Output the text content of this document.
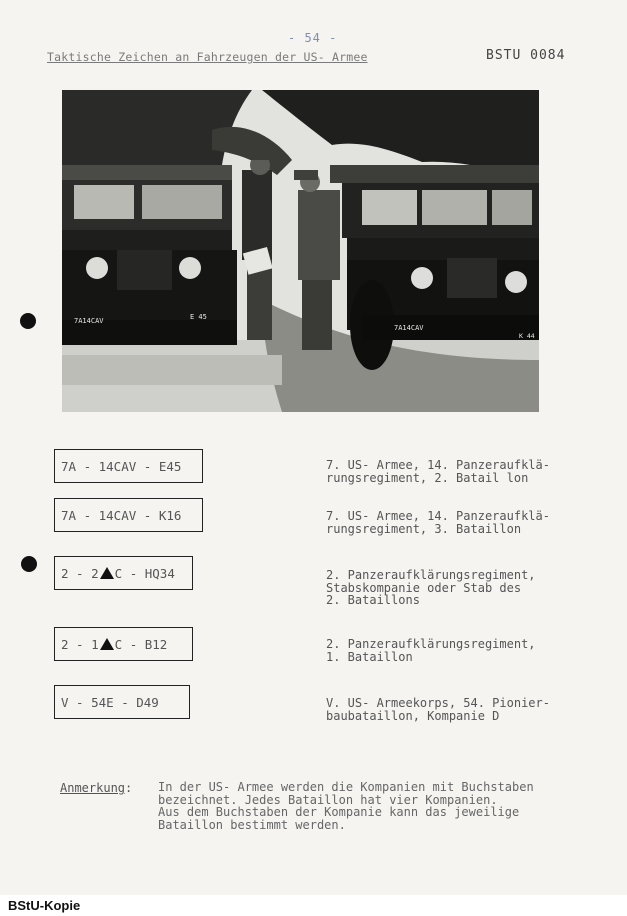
- 54 -
Taktische Zeichen an Fahrzeugen der US- Armee	BSTU 0084
7A14CAV	E 45
7A14CAV
K 44
7A - 14CAV - E45	7. US- Armee, 14. Panzeraufklä-
rungsregiment, 2. Batail lon
7A - 14CAV - K16	7. US- Armee, 14. Panzeraufklä-
rungsregiment, 3. Bataillon
2 - 2 C - HQ34	2. Panzeraufklärungsregiment,
Stabskompanie oder Stab des
2. Bataillons
2 - 1 C - B12	2. Panzeraufklärungsregiment,
1. Bataillon
V - 54E - D49	V. US- Armeekorps, 54. Pionier-
baubataillon, Kompanie D
Anmerkung: In der US- Armee werden die Kompanien mit Buchstaben
bezeichnet. Jedes Bataillon hat vier Kompanien.
Aus dem Buchstaben der Kompanie kann das jeweilige
Bataillon bestimmt werden.
BStU-Kopie
